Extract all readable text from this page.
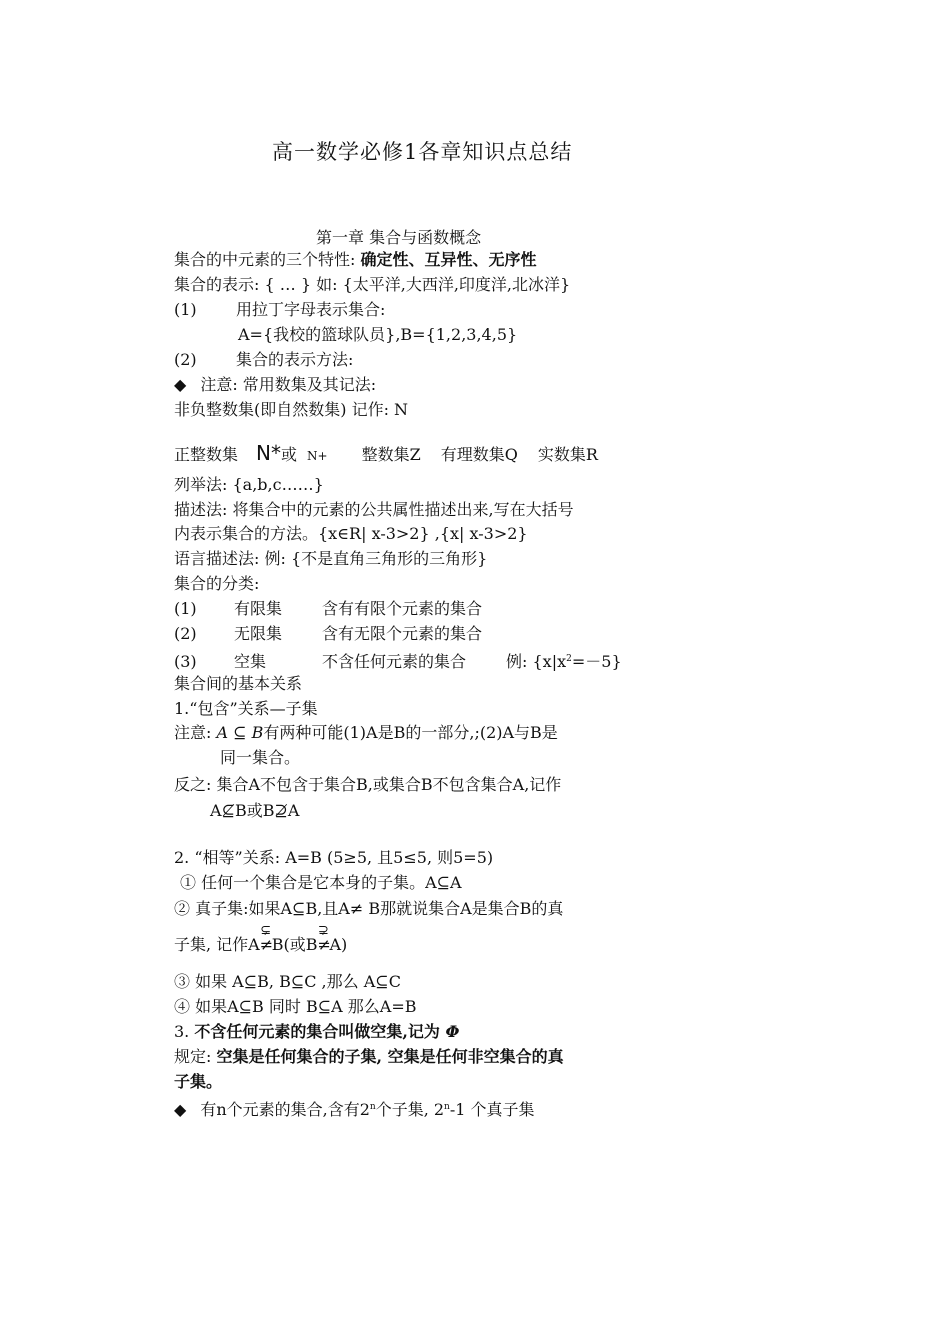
高一数学必修1各章知识点总结
第一章 集合与函数概念
集合的中元素的三个特性: 确定性、互异性、无序性
集合的表示: { … } 如: {太平洋,大西洋,印度洋,北冰洋}
(1) 用拉丁字母表示集合:
A={我校的篮球队员},B={1,2,3,4,5}
(2) 集合的表示方法:
◆ 注意: 常用数集及其记法:
非负整数集(即自然数集) 记作: N
正整数集 N*或 N+ 整数集Z 有理数集Q 实数集R
列举法: {a,b,c……}
描述法: 将集合中的元素的公共属性描述出来,写在大括号
内表示集合的方法。{x∈R| x-3>2} ,{x| x-3>2}
语言描述法: 例: {不是直角三角形的三角形}
集合的分类:
(1) 有限集 含有有限个元素的集合
(2) 无限集 含有无限个元素的集合
(3) 空集	不含任何元素的集合	例: $\{x|x^2=-5\}$
集合间的基本关系
1.“包含”关系—子集
注意: A ⊆ B有两种可能(1)A是B的一部分,;(2)A与B是
同一集合。
反之: 集合A不包含于集合B,或集合B不包含集合A,记作
A⊈B或B⊉A
2. “相等”关系: A=B (5≥5, 且5≤5, 则5=5)
① 任何一个集合是它本身的子集。A⊆A
② 真子集:如果A⊆B,且A≠ B那就说集合A是集合B的真
子集, 记作A
⊊
≠B(或B
⊋
≠A)
③ 如果 A⊆B, B⊆C ,那么 A⊆C
④ 如果A⊆B 同时 B⊆A 那么A=B
3. 不含任何元素的集合叫做空集,记为 Φ
规定: 空集是任何集合的子集, 空集是任何非空集合的真
子集。
◆ 有n个元素的集合,含有2$^n$个子集, 2$^n$-1 个真子集
